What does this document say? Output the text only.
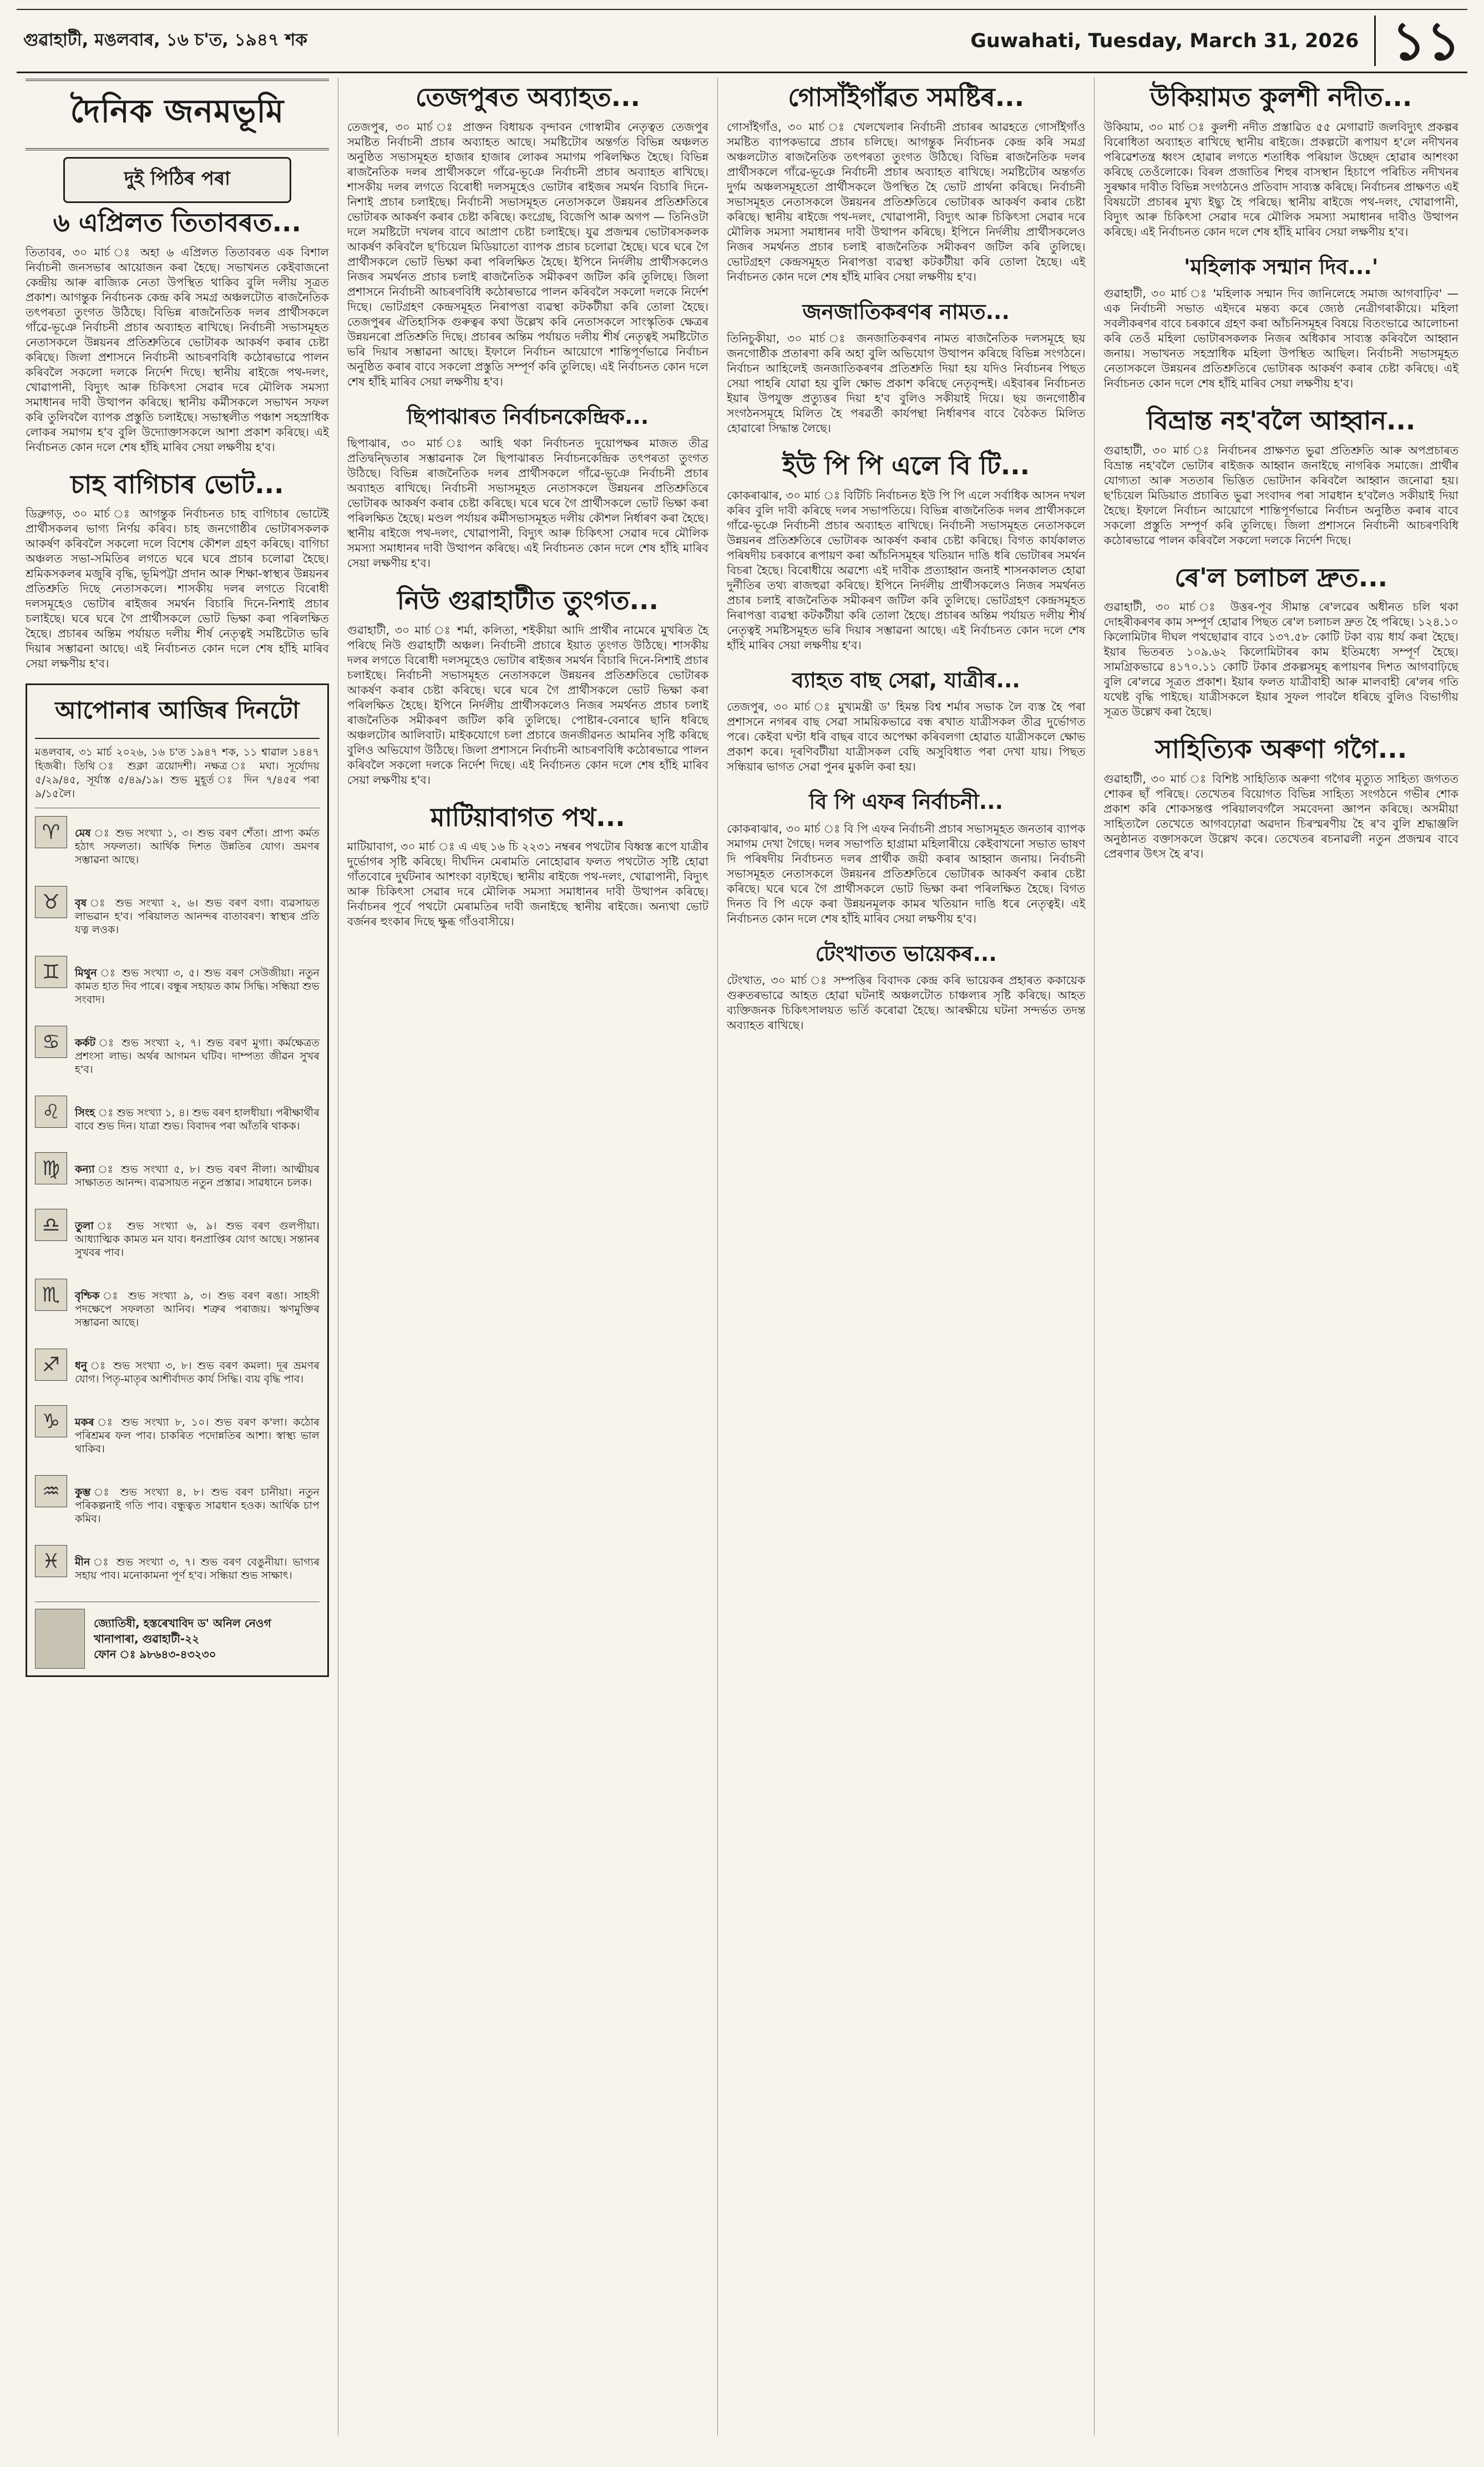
গুৱাহাটী, মঙলবাৰ, ১৬ চ'ত, ১৯৪৭ শক	Guwahati, Tuesday, March 31, 2026 ১১
দৈনিক জনমভূমি
দুই পিঠিৰ পৰা
৬ এপ্ৰিলত তিতাবৰত...

তিতাবৰ, ৩০ মাৰ্চ ঃ অহা ৬ এপ্ৰিলত তিতাবৰত এক বিশাল নিৰ্বাচনী জনসভাৰ আয়োজন কৰা হৈছে। সভাখনত কেইবাজনো কেন্দ্ৰীয় আৰু ৰাজ্যিক নেতা উপস্থিত থাকিব বুলি দলীয় সূত্ৰত প্ৰকাশ। আগন্তুক নিৰ্বাচনক কেন্দ্ৰ কৰি সমগ্ৰ অঞ্চলটোত ৰাজনৈতিক তৎপৰতা তুংগত উঠিছে। বিভিন্ন ৰাজনৈতিক দলৰ প্ৰাৰ্থীসকলে গাঁৱে-ভূঞে নিৰ্বাচনী প্ৰচাৰ অব্যাহত ৰাখিছে। নিৰ্বাচনী সভাসমূহত নেতাসকলে উন্নয়নৰ প্ৰতিশ্ৰুতিৰে ভোটাৰক আকৰ্ষণ কৰাৰ চেষ্টা কৰিছে। জিলা প্ৰশাসনে নিৰ্বাচনী আচৰণবিধি কঠোৰভাৱে পালন কৰিবলৈ সকলো দলকে নিৰ্দেশ দিছে। স্থানীয় ৰাইজে পথ-দলং, খোৱাপানী, বিদ্যুৎ আৰু চিকিৎসা সেৱাৰ দৰে মৌলিক সমস্যা সমাধানৰ দাবী উত্থাপন কৰিছে। স্থানীয় কৰ্মীসকলে সভাখন সফল কৰি তুলিবলৈ ব্যাপক প্ৰস্তুতি চলাইছে। সভাস্থলীত পঞ্চাশ সহস্ৰাধিক লোকৰ সমাগম হ'ব বুলি উদ্যোক্তাসকলে আশা প্ৰকাশ কৰিছে। এই নিৰ্বাচনত কোন দলে শেষ হাঁহি মাৰিব সেয়া লক্ষণীয় হ'ব।

চাহ বাগিচাৰ ভোট...

ডিব্ৰুগড়, ৩০ মাৰ্চ ঃ আগন্তুক নিৰ্বাচনত চাহ বাগিচাৰ ভোটেই প্ৰাৰ্থীসকলৰ ভাগ্য নিৰ্ণয় কৰিব। চাহ জনগোষ্ঠীৰ ভোটাৰসকলক আকৰ্ষণ কৰিবলৈ সকলো দলে বিশেষ কৌশল গ্ৰহণ কৰিছে। বাগিচা অঞ্চলত সভা-সমিতিৰ লগতে ঘৰে ঘৰে প্ৰচাৰ চলোৱা হৈছে। শ্ৰমিকসকলৰ মজুৰি বৃদ্ধি, ভূমিপট্টা প্ৰদান আৰু শিক্ষা-স্বাস্থ্যৰ উন্নয়নৰ প্ৰতিশ্ৰুতি দিছে নেতাসকলে। শাসকীয় দলৰ লগতে বিৰোধী দলসমূহেও ভোটাৰ ৰাইজৰ সমৰ্থন বিচাৰি দিনে-নিশাই প্ৰচাৰ চলাইছে। ঘৰে ঘৰে গৈ প্ৰাৰ্থীসকলে ভোট ভিক্ষা কৰা পৰিলক্ষিত হৈছে। প্ৰচাৰৰ অন্তিম পৰ্যায়ত দলীয় শীৰ্ষ নেতৃত্বই সমষ্টিটোত ভৰি দিয়াৰ সম্ভাৱনা আছে। এই নিৰ্বাচনত কোন দলে শেষ হাঁহি মাৰিব সেয়া লক্ষণীয় হ'ব।

আপোনাৰ আজিৰ দিনটো
মঙলবাৰ, ৩১ মাৰ্চ ২০২৬, ১৬ চ'ত ১৯৪৭ শক, ১১ শ্বাৱাল ১৪৪৭ হিজৰী। তিথি ঃ শুক্লা ত্ৰয়োদশী। নক্ষত্ৰ ঃ মঘা। সূৰ্যোদয় ৫/২৯/৪৫, সূৰ্যাস্ত ৫/৪৯/১৯। শুভ মুহূৰ্ত ঃ দিন ৭/৪৫ৰ পৰা ৯/১৫লৈ।
♈	মেষ ঃ শুভ সংখ্যা ১, ৩। শুভ বৰণ শেঁতা। প্ৰাপ্য কৰ্মত হঠাৎ সফলতা। আৰ্থিক দিশত উন্নতিৰ যোগ। ভ্ৰমণৰ সম্ভাৱনা আছে।

♉	বৃষ ঃ শুভ সংখ্যা ২, ৬। শুভ বৰণ বগা। ব্যৱসায়ত লাভৱান হ'ব। পৰিয়ালত আনন্দৰ বাতাবৰণ। স্বাস্থ্যৰ প্ৰতি যত্ন লওক।

♊	মিথুন ঃ শুভ সংখ্যা ৩, ৫। শুভ বৰণ সেউজীয়া। নতুন কামত হাত দিব পাৰে। বন্ধুৰ সহায়ত কাম সিদ্ধি। সন্ধিয়া শুভ সংবাদ।

♋	কৰ্কট ঃ শুভ সংখ্যা ২, ৭। শুভ বৰণ মুগা। কৰ্মক্ষেত্ৰত প্ৰশংসা লাভ। অৰ্থৰ আগমন ঘটিব। দাম্পত্য জীৱন সুখৰ হ'ব।

♌	সিংহ ঃ শুভ সংখ্যা ১, ৪। শুভ বৰণ হালধীয়া। পৰীক্ষাৰ্থীৰ বাবে শুভ দিন। যাত্ৰা শুভ। বিবাদৰ পৰা আঁতৰি থাকক।

♍	কন্যা ঃ শুভ সংখ্যা ৫, ৮। শুভ বৰণ নীলা। আত্মীয়ৰ সাক্ষাতত আনন্দ। ব্যৱসায়ত নতুন প্ৰস্তাৱ। সাৱধানে চলক।

♎	তুলা ঃ শুভ সংখ্যা ৬, ৯। শুভ বৰণ গুলপীয়া। আধ্যাত্মিক কামত মন যাব। ধনপ্ৰাপ্তিৰ যোগ আছে। সন্তানৰ সুখবৰ পাব।

♏	বৃশ্চিক ঃ শুভ সংখ্যা ৯, ৩। শুভ বৰণ ৰঙা। সাহসী পদক্ষেপে সফলতা আনিব। শত্ৰুৰ পৰাজয়। ঋণমুক্তিৰ সম্ভাৱনা আছে।

♐	ধনু ঃ শুভ সংখ্যা ৩, ৮। শুভ বৰণ কমলা। দূৰ ভ্ৰমণৰ যোগ। পিতৃ-মাতৃৰ আশীৰ্বাদত কাৰ্য সিদ্ধি। ব্যয় বৃদ্ধি পাব।

♑	মকৰ ঃ শুভ সংখ্যা ৮, ১০। শুভ বৰণ ক'লা। কঠোৰ পৰিশ্ৰমৰ ফল পাব। চাকৰিত পদোন্নতিৰ আশা। স্বাস্থ্য ভাল থাকিব।

♒	কুম্ভ ঃ শুভ সংখ্যা ৪, ৮। শুভ বৰণ চানীয়া। নতুন পৰিকল্পনাই গতি পাব। বন্ধুত্বত সাৱধান হওক। আৰ্থিক চাপ কমিব।

♓	মীন ঃ শুভ সংখ্যা ৩, ৭। শুভ বৰণ বেঙুনীয়া। ভাগ্যৰ সহায় পাব। মনোকামনা পূৰ্ণ হ'ব। সন্ধিয়া শুভ সাক্ষাৎ।

জ্যোতিষী, হস্তৰেখাবিদ ড' অনিল নেওগ
খানাপাৰা, গুৱাহাটী-২২
ফোন ঃ ৯৮৬৪৩-৪৩২৩০
তেজপুৰত অব্যাহত...

তেজপুৰ, ৩০ মাৰ্চ ঃ প্ৰাক্তন বিধায়ক বৃন্দাবন গোস্বামীৰ নেতৃত্বত তেজপুৰ সমষ্টিত নিৰ্বাচনী প্ৰচাৰ অব্যাহত আছে। সমষ্টিটোৰ অন্তৰ্গত বিভিন্ন অঞ্চলত অনুষ্ঠিত সভাসমূহত হাজাৰ হাজাৰ লোকৰ সমাগম পৰিলক্ষিত হৈছে। বিভিন্ন ৰাজনৈতিক দলৰ প্ৰাৰ্থীসকলে গাঁৱে-ভূঞে নিৰ্বাচনী প্ৰচাৰ অব্যাহত ৰাখিছে। শাসকীয় দলৰ লগতে বিৰোধী দলসমূহেও ভোটাৰ ৰাইজৰ সমৰ্থন বিচাৰি দিনে-নিশাই প্ৰচাৰ চলাইছে। নিৰ্বাচনী সভাসমূহত নেতাসকলে উন্নয়নৰ প্ৰতিশ্ৰুতিৰে ভোটাৰক আকৰ্ষণ কৰাৰ চেষ্টা কৰিছে। কংগ্ৰেছ, বিজেপি আৰু অগপ — তিনিওটা দলে সমষ্টিটো দখলৰ বাবে আপ্ৰাণ চেষ্টা চলাইছে। যুৱ প্ৰজন্মৰ ভোটাৰসকলক আকৰ্ষণ কৰিবলৈ ছ'চিয়েল মিডিয়াতো ব্যাপক প্ৰচাৰ চলোৱা হৈছে। ঘৰে ঘৰে গৈ প্ৰাৰ্থীসকলে ভোট ভিক্ষা কৰা পৰিলক্ষিত হৈছে। ইপিনে নিৰ্দলীয় প্ৰাৰ্থীসকলেও নিজৰ সমৰ্থনত প্ৰচাৰ চলাই ৰাজনৈতিক সমীকৰণ জটিল কৰি তুলিছে। জিলা প্ৰশাসনে নিৰ্বাচনী আচৰণবিধি কঠোৰভাৱে পালন কৰিবলৈ সকলো দলকে নিৰ্দেশ দিছে। ভোটগ্ৰহণ কেন্দ্ৰসমূহত নিৰাপত্তা ব্যৱস্থা কটকটীয়া কৰি তোলা হৈছে। তেজপুৰৰ ঐতিহাসিক গুৰুত্বৰ কথা উল্লেখ কৰি নেতাসকলে সাংস্কৃতিক ক্ষেত্ৰৰ উন্নয়নৰো প্ৰতিশ্ৰুতি দিছে। প্ৰচাৰৰ অন্তিম পৰ্যায়ত দলীয় শীৰ্ষ নেতৃত্বই সমষ্টিটোত ভৰি দিয়াৰ সম্ভাৱনা আছে। ইফালে নিৰ্বাচন আয়োগে শান্তিপূৰ্ণভাৱে নিৰ্বাচন অনুষ্ঠিত কৰাৰ বাবে সকলো প্ৰস্তুতি সম্পূৰ্ণ কৰি তুলিছে। এই নিৰ্বাচনত কোন দলে শেষ হাঁহি মাৰিব সেয়া লক্ষণীয় হ'ব।

ছিপাঝাৰত নিৰ্বাচনকেন্দ্ৰিক...

ছিপাঝাৰ, ৩০ মাৰ্চ ঃ আহি থকা নিৰ্বাচনত দুয়োপক্ষৰ মাজত তীব্ৰ প্ৰতিদ্বন্দ্বিতাৰ সম্ভাৱনাক লৈ ছিপাঝাৰত নিৰ্বাচনকেন্দ্ৰিক তৎপৰতা তুংগত উঠিছে। বিভিন্ন ৰাজনৈতিক দলৰ প্ৰাৰ্থীসকলে গাঁৱে-ভূঞে নিৰ্বাচনী প্ৰচাৰ অব্যাহত ৰাখিছে। নিৰ্বাচনী সভাসমূহত নেতাসকলে উন্নয়নৰ প্ৰতিশ্ৰুতিৰে ভোটাৰক আকৰ্ষণ কৰাৰ চেষ্টা কৰিছে। ঘৰে ঘৰে গৈ প্ৰাৰ্থীসকলে ভোট ভিক্ষা কৰা পৰিলক্ষিত হৈছে। মণ্ডল পৰ্যায়ৰ কৰ্মীসভাসমূহত দলীয় কৌশল নিৰ্ধাৰণ কৰা হৈছে। স্থানীয় ৰাইজে পথ-দলং, খোৱাপানী, বিদ্যুৎ আৰু চিকিৎসা সেৱাৰ দৰে মৌলিক সমস্যা সমাধানৰ দাবী উত্থাপন কৰিছে। এই নিৰ্বাচনত কোন দলে শেষ হাঁহি মাৰিব সেয়া লক্ষণীয় হ'ব।

নিউ গুৱাহাটীত তুংগত...

গুৱাহাটী, ৩০ মাৰ্চ ঃ শৰ্মা, কলিতা, শইকীয়া আদি প্ৰাৰ্থীৰ নামেৰে মুখৰিত হৈ পৰিছে নিউ গুৱাহাটী অঞ্চল। নিৰ্বাচনী প্ৰচাৰে ইয়াত তুংগত উঠিছে। শাসকীয় দলৰ লগতে বিৰোধী দলসমূহেও ভোটাৰ ৰাইজৰ সমৰ্থন বিচাৰি দিনে-নিশাই প্ৰচাৰ চলাইছে। নিৰ্বাচনী সভাসমূহত নেতাসকলে উন্নয়নৰ প্ৰতিশ্ৰুতিৰে ভোটাৰক আকৰ্ষণ কৰাৰ চেষ্টা কৰিছে। ঘৰে ঘৰে গৈ প্ৰাৰ্থীসকলে ভোট ভিক্ষা কৰা পৰিলক্ষিত হৈছে। ইপিনে নিৰ্দলীয় প্ৰাৰ্থীসকলেও নিজৰ সমৰ্থনত প্ৰচাৰ চলাই ৰাজনৈতিক সমীকৰণ জটিল কৰি তুলিছে। পোষ্টাৰ-বেনাৰে ছানি ধৰিছে অঞ্চলটোৰ আলিবাট। মাইকযোগে চলা প্ৰচাৰে জনজীৱনত আমনিৰ সৃষ্টি কৰিছে বুলিও অভিযোগ উঠিছে। জিলা প্ৰশাসনে নিৰ্বাচনী আচৰণবিধি কঠোৰভাৱে পালন কৰিবলৈ সকলো দলকে নিৰ্দেশ দিছে। এই নিৰ্বাচনত কোন দলে শেষ হাঁহি মাৰিব সেয়া লক্ষণীয় হ'ব।

মাটিয়াবাগত পথ...

মাটিয়াবাগ, ৩০ মাৰ্চ ঃ এ এছ ১৬ চি ২২৩১ নম্বৰৰ পথটোৰ বিধ্বস্ত ৰূপে যাত্ৰীৰ দুৰ্ভোগৰ সৃষ্টি কৰিছে। দীৰ্ঘদিন মেৰামতি নোহোৱাৰ ফলত পথটোত সৃষ্টি হোৱা গাঁতবোৰে দুৰ্ঘটনাৰ আশংকা বঢ়াইছে। স্থানীয় ৰাইজে পথ-দলং, খোৱাপানী, বিদ্যুৎ আৰু চিকিৎসা সেৱাৰ দৰে মৌলিক সমস্যা সমাধানৰ দাবী উত্থাপন কৰিছে। নিৰ্বাচনৰ পূৰ্বে পথটো মেৰামতিৰ দাবী জনাইছে স্থানীয় ৰাইজে। অন্যথা ভোট বৰ্জনৰ হুংকাৰ দিছে ক্ষুব্ধ গাঁওবাসীয়ে।

গোসাঁইগাঁৱত সমষ্টিৰ...

গোসাঁইগাঁও, ৩০ মাৰ্চ ঃ খেলখেলাৰ নিৰ্বাচনী প্ৰচাৰৰ আৱহতে গোসাঁইগাঁও সমষ্টিত ব্যাপকভাৱে প্ৰচাৰ চলিছে। আগন্তুক নিৰ্বাচনক কেন্দ্ৰ কৰি সমগ্ৰ অঞ্চলটোত ৰাজনৈতিক তৎপৰতা তুংগত উঠিছে। বিভিন্ন ৰাজনৈতিক দলৰ প্ৰাৰ্থীসকলে গাঁৱে-ভূঞে নিৰ্বাচনী প্ৰচাৰ অব্যাহত ৰাখিছে। সমষ্টিটোৰ অন্তৰ্গত দুৰ্গম অঞ্চলসমূহতো প্ৰাৰ্থীসকলে উপস্থিত হৈ ভোট প্ৰাৰ্থনা কৰিছে। নিৰ্বাচনী সভাসমূহত নেতাসকলে উন্নয়নৰ প্ৰতিশ্ৰুতিৰে ভোটাৰক আকৰ্ষণ কৰাৰ চেষ্টা কৰিছে। স্থানীয় ৰাইজে পথ-দলং, খোৱাপানী, বিদ্যুৎ আৰু চিকিৎসা সেৱাৰ দৰে মৌলিক সমস্যা সমাধানৰ দাবী উত্থাপন কৰিছে। ইপিনে নিৰ্দলীয় প্ৰাৰ্থীসকলেও নিজৰ সমৰ্থনত প্ৰচাৰ চলাই ৰাজনৈতিক সমীকৰণ জটিল কৰি তুলিছে। ভোটগ্ৰহণ কেন্দ্ৰসমূহত নিৰাপত্তা ব্যৱস্থা কটকটীয়া কৰি তোলা হৈছে। এই নিৰ্বাচনত কোন দলে শেষ হাঁহি মাৰিব সেয়া লক্ষণীয় হ'ব।

জনজাতিকৰণৰ নামত...

তিনিচুকীয়া, ৩০ মাৰ্চ ঃ জনজাতিকৰণৰ নামত ৰাজনৈতিক দলসমূহে ছয় জনগোষ্ঠীক প্ৰতাৰণা কৰি অহা বুলি অভিযোগ উত্থাপন কৰিছে বিভিন্ন সংগঠনে। নিৰ্বাচন আহিলেই জনজাতিকৰণৰ প্ৰতিশ্ৰুতি দিয়া হয় যদিও নিৰ্বাচনৰ পিছত সেয়া পাহৰি যোৱা হয় বুলি ক্ষোভ প্ৰকাশ কৰিছে নেতৃবৃন্দই। এইবাৰৰ নিৰ্বাচনত ইয়াৰ উপযুক্ত প্ৰত্যুত্তৰ দিয়া হ'ব বুলিও সকীয়াই দিয়ে। ছয় জনগোষ্ঠীৰ সংগঠনসমূহে মিলিত হৈ পৰৱৰ্তী কাৰ্যপন্থা নিৰ্ধাৰণৰ বাবে বৈঠকত মিলিত হোৱাৰো সিদ্ধান্ত লৈছে।

ইউ পি পি এলে বি টি...

কোকৰাঝাৰ, ৩০ মাৰ্চ ঃ বিটিচি নিৰ্বাচনত ইউ পি পি এলে সৰ্বাধিক আসন দখল কৰিব বুলি দাবী কৰিছে দলৰ সভাপতিয়ে। বিভিন্ন ৰাজনৈতিক দলৰ প্ৰাৰ্থীসকলে গাঁৱে-ভূঞে নিৰ্বাচনী প্ৰচাৰ অব্যাহত ৰাখিছে। নিৰ্বাচনী সভাসমূহত নেতাসকলে উন্নয়নৰ প্ৰতিশ্ৰুতিৰে ভোটাৰক আকৰ্ষণ কৰাৰ চেষ্টা কৰিছে। বিগত কাৰ্যকালত পৰিষদীয় চৰকাৰে ৰূপায়ণ কৰা আঁচনিসমূহৰ খতিয়ান দাঙি ধৰি ভোটাৰৰ সমৰ্থন বিচৰা হৈছে। বিৰোধীয়ে অৱশ্যে এই দাবীক প্ৰত্যাহ্বান জনাই শাসনকালত হোৱা দুৰ্নীতিৰ তথ্য ৰাজহুৱা কৰিছে। ইপিনে নিৰ্দলীয় প্ৰাৰ্থীসকলেও নিজৰ সমৰ্থনত প্ৰচাৰ চলাই ৰাজনৈতিক সমীকৰণ জটিল কৰি তুলিছে। ভোটগ্ৰহণ কেন্দ্ৰসমূহত নিৰাপত্তা ব্যৱস্থা কটকটীয়া কৰি তোলা হৈছে। প্ৰচাৰৰ অন্তিম পৰ্যায়ত দলীয় শীৰ্ষ নেতৃত্বই সমষ্টিসমূহত ভৰি দিয়াৰ সম্ভাৱনা আছে। এই নিৰ্বাচনত কোন দলে শেষ হাঁহি মাৰিব সেয়া লক্ষণীয় হ'ব।

ব্যাহত বাছ সেৱা, যাত্ৰীৰ...

তেজপুৰ, ৩০ মাৰ্চ ঃ মুখ্যমন্ত্ৰী ড' হিমন্ত বিশ্ব শৰ্মাৰ সভাক লৈ ব্যস্ত হৈ পৰা প্ৰশাসনে নগৰৰ বাছ সেৱা সাময়িকভাৱে বন্ধ ৰখাত যাত্ৰীসকল তীব্ৰ দুৰ্ভোগত পৰে। কেইবা ঘণ্টা ধৰি বাছৰ বাবে অপেক্ষা কৰিবলগা হোৱাত যাত্ৰীসকলে ক্ষোভ প্ৰকাশ কৰে। দূৰণিবটীয়া যাত্ৰীসকল বেছি অসুবিধাত পৰা দেখা যায়। পিছত সন্ধিয়াৰ ভাগত সেৱা পুনৰ মুকলি কৰা হয়।

বি পি এফৰ নিৰ্বাচনী...

কোকৰাঝাৰ, ৩০ মাৰ্চ ঃ বি পি এফৰ নিৰ্বাচনী প্ৰচাৰ সভাসমূহত জনতাৰ ব্যাপক সমাগম দেখা গৈছে। দলৰ সভাপতি হাগ্ৰামা মহিলাৰীয়ে কেইবাখনো সভাত ভাষণ দি পৰিষদীয় নিৰ্বাচনত দলৰ প্ৰাৰ্থীক জয়ী কৰাৰ আহ্বান জনায়। নিৰ্বাচনী সভাসমূহত নেতাসকলে উন্নয়নৰ প্ৰতিশ্ৰুতিৰে ভোটাৰক আকৰ্ষণ কৰাৰ চেষ্টা কৰিছে। ঘৰে ঘৰে গৈ প্ৰাৰ্থীসকলে ভোট ভিক্ষা কৰা পৰিলক্ষিত হৈছে। বিগত দিনত বি পি এফে কৰা উন্নয়নমূলক কামৰ খতিয়ান দাঙি ধৰে নেতৃত্বই। এই নিৰ্বাচনত কোন দলে শেষ হাঁহি মাৰিব সেয়া লক্ষণীয় হ'ব।

টেংখাতত ভায়েকৰ...

টেংখাত, ৩০ মাৰ্চ ঃ সম্পত্তিৰ বিবাদক কেন্দ্ৰ কৰি ভায়েকৰ প্ৰহাৰত ককায়েক গুৰুতৰভাৱে আহত হোৱা ঘটনাই অঞ্চলটোত চাঞ্চল্যৰ সৃষ্টি কৰিছে। আহত ব্যক্তিজনক চিকিৎসালয়ত ভৰ্তি কৰোৱা হৈছে। আৰক্ষীয়ে ঘটনা সন্দৰ্ভত তদন্ত অব্যাহত ৰাখিছে।

উকিয়ামত কুলশী নদীত...

উকিয়াম, ৩০ মাৰ্চ ঃ কুলশী নদীত প্ৰস্তাৱিত ৫৫ মেগাৱাট জলবিদ্যুৎ প্ৰকল্পৰ বিৰোধিতা অব্যাহত ৰাখিছে স্থানীয় ৰাইজে। প্ৰকল্পটো ৰূপায়ণ হ'লে নদীখনৰ পৰিৱেশতন্ত্ৰ ধ্বংস হোৱাৰ লগতে শতাধিক পৰিয়াল উচ্ছেদ হোৱাৰ আশংকা কৰিছে তেওঁলোকে। বিৰল প্ৰজাতিৰ শিহুৰ বাসস্থান হিচাপে পৰিচিত নদীখনৰ সুৰক্ষাৰ দাবীত বিভিন্ন সংগঠনেও প্ৰতিবাদ সাব্যস্ত কৰিছে। নিৰ্বাচনৰ প্ৰাক্ষণত এই বিষয়টো প্ৰচাৰৰ মুখ্য ইছ্যু হৈ পৰিছে। স্থানীয় ৰাইজে পথ-দলং, খোৱাপানী, বিদ্যুৎ আৰু চিকিৎসা সেৱাৰ দৰে মৌলিক সমস্যা সমাধানৰ দাবীও উত্থাপন কৰিছে। এই নিৰ্বাচনত কোন দলে শেষ হাঁহি মাৰিব সেয়া লক্ষণীয় হ'ব।

'মহিলাক সন্মান দিব...'

গুৱাহাটী, ৩০ মাৰ্চ ঃ 'মহিলাক সন্মান দিব জানিলেহে সমাজ আগবাঢ়িব' — এক নিৰ্বাচনী সভাত এইদৰে মন্তব্য কৰে জ্যেষ্ঠ নেত্ৰীগৰাকীয়ে। মহিলা সবলীকৰণৰ বাবে চৰকাৰে গ্ৰহণ কৰা আঁচনিসমূহৰ বিষয়ে বিতংভাৱে আলোচনা কৰি তেওঁ মহিলা ভোটাৰসকলক নিজৰ অধিকাৰ সাব্যস্ত কৰিবলৈ আহ্বান জনায়। সভাখনত সহস্ৰাধিক মহিলা উপস্থিত আছিল। নিৰ্বাচনী সভাসমূহত নেতাসকলে উন্নয়নৰ প্ৰতিশ্ৰুতিৰে ভোটাৰক আকৰ্ষণ কৰাৰ চেষ্টা কৰিছে। এই নিৰ্বাচনত কোন দলে শেষ হাঁহি মাৰিব সেয়া লক্ষণীয় হ'ব।

বিভ্ৰান্ত নহ'বলৈ আহ্বান...

গুৱাহাটী, ৩০ মাৰ্চ ঃ নিৰ্বাচনৰ প্ৰাক্ষণত ভুৱা প্ৰতিশ্ৰুতি আৰু অপপ্ৰচাৰত বিভ্ৰান্ত নহ'বলৈ ভোটাৰ ৰাইজক আহ্বান জনাইছে নাগৰিক সমাজে। প্ৰাৰ্থীৰ যোগ্যতা আৰু সততাৰ ভিত্তিত ভোটদান কৰিবলৈ আহ্বান জনোৱা হয়। ছ'চিয়েল মিডিয়াত প্ৰচাৰিত ভুৱা সংবাদৰ পৰা সাৱধান হ'বলৈও সকীয়াই দিয়া হৈছে। ইফালে নিৰ্বাচন আয়োগে শান্তিপূৰ্ণভাৱে নিৰ্বাচন অনুষ্ঠিত কৰাৰ বাবে সকলো প্ৰস্তুতি সম্পূৰ্ণ কৰি তুলিছে। জিলা প্ৰশাসনে নিৰ্বাচনী আচৰণবিধি কঠোৰভাৱে পালন কৰিবলৈ সকলো দলকে নিৰ্দেশ দিছে।

ৰে'ল চলাচল দ্ৰুত...

গুৱাহাটী, ৩০ মাৰ্চ ঃ উত্তৰ-পূব সীমান্ত ৰে'লৱেৰ অধীনত চলি থকা দোহৰীকৰণৰ কাম সম্পূৰ্ণ হোৱাৰ পিছত ৰে'ল চলাচল দ্ৰুত হৈ পৰিছে। ১২৪.১০ কিলোমিটাৰ দীঘল পথছোৱাৰ বাবে ১৩৭.৫৮ কোটি টকা ব্যয় ধাৰ্য কৰা হৈছে। ইয়াৰ ভিতৰত ১০৯.৬২ কিলোমিটাৰৰ কাম ইতিমধ্যে সম্পূৰ্ণ হৈছে। সামগ্ৰিকভাৱে ৪১৭০.১১ কোটি টকাৰ প্ৰকল্পসমূহ ৰূপায়ণৰ দিশত আগবাঢ়িছে বুলি ৰে'লৱে সূত্ৰত প্ৰকাশ। ইয়াৰ ফলত যাত্ৰীবাহী আৰু মালবাহী ৰে'লৰ গতি যথেষ্ট বৃদ্ধি পাইছে। যাত্ৰীসকলে ইয়াৰ সুফল পাবলৈ ধৰিছে বুলিও বিভাগীয় সূত্ৰত উল্লেখ কৰা হৈছে।

সাহিত্যিক অৰুণা গগৈ...

গুৱাহাটী, ৩০ মাৰ্চ ঃ বিশিষ্ট সাহিত্যিক অৰুণা গগৈৰ মৃত্যুত সাহিত্য জগতত শোকৰ ছাঁ পৰিছে। তেখেতৰ বিয়োগত বিভিন্ন সাহিত্য সংগঠনে গভীৰ শোক প্ৰকাশ কৰি শোকসন্তপ্ত পৰিয়ালবৰ্গলৈ সমবেদনা জ্ঞাপন কৰিছে। অসমীয়া সাহিত্যলৈ তেখেতে আগবঢ়োৱা অৱদান চিৰস্মৰণীয় হৈ ৰ'ব বুলি শ্ৰদ্ধাঞ্জলি অনুষ্ঠানত বক্তাসকলে উল্লেখ কৰে। তেখেতৰ ৰচনাৱলী নতুন প্ৰজন্মৰ বাবে প্ৰেৰণাৰ উৎস হৈ ৰ'ব।
